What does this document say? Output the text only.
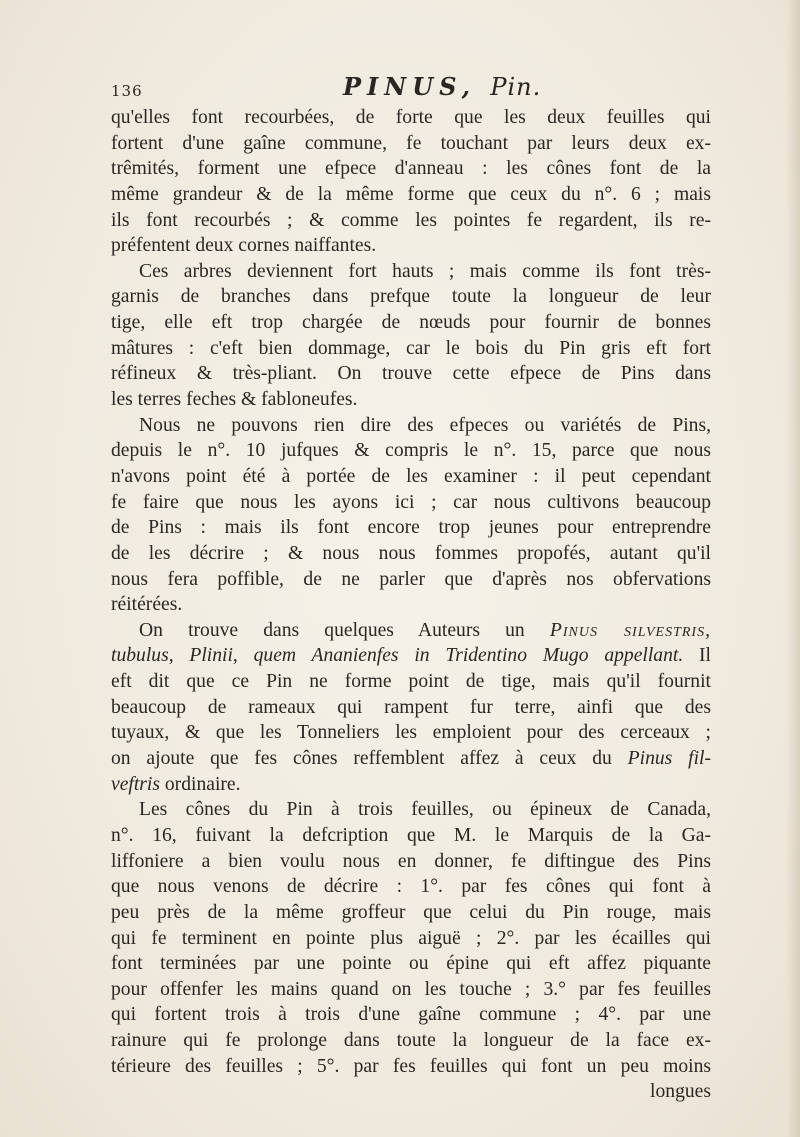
136	PINUS, Pin.
qu'elles font recourbées, de forte que les deux feuilles qui
fortent d'une gaîne commune, fe touchant par leurs deux ex-
trêmités, forment une efpece d'anneau : les cônes font de la
même grandeur & de la même forme que ceux du n°. 6 ; mais
ils font recourbés ; & comme les pointes fe regardent, ils re-
préfentent deux cornes naiffantes.
Ces arbres deviennent fort hauts ; mais comme ils font très-
garnis de branches dans prefque toute la longueur de leur
tige, elle eft trop chargée de nœuds pour fournir de bonnes
mâtures : c'eft bien dommage, car le bois du Pin gris eft fort
réfineux & très-pliant. On trouve cette efpece de Pins dans
les terres feches & fabloneufes.
Nous ne pouvons rien dire des efpeces ou variétés de Pins,
depuis le n°. 10 jufques & compris le n°. 15, parce que nous
n'avons point été à portée de les examiner : il peut cependant
fe faire que nous les ayons ici ; car nous cultivons beaucoup
de Pins : mais ils font encore trop jeunes pour entreprendre
de les décrire ; & nous nous fommes propofés, autant qu'il
nous fera poffible, de ne parler que d'après nos obfervations
réitérées.
On trouve dans quelques Auteurs un Pinus silvestris,
tubulus, Plinii, quem Ananienfes in Tridentino Mugo appellant. Il
eft dit que ce Pin ne forme point de tige, mais qu'il fournit
beaucoup de rameaux qui rampent fur terre, ainfi que des
tuyaux, & que les Tonneliers les emploient pour des cerceaux ;
on ajoute que fes cônes reffemblent affez à ceux du Pinus fil-
veftris ordinaire.
Les cônes du Pin à trois feuilles, ou épineux de Canada,
n°. 16, fuivant la defcription que M. le Marquis de la Ga-
liffoniere a bien voulu nous en donner, fe diftingue des Pins
que nous venons de décrire : 1°. par fes cônes qui font à
peu près de la même groffeur que celui du Pin rouge, mais
qui fe terminent en pointe plus aiguë ; 2°. par les écailles qui
font terminées par une pointe ou épine qui eft affez piquante
pour offenfer les mains quand on les touche ; 3.° par fes feuilles
qui fortent trois à trois d'une gaîne commune ; 4°. par une
rainure qui fe prolonge dans toute la longueur de la face ex-
térieure des feuilles ; 5°. par fes feuilles qui font un peu moins
longues
